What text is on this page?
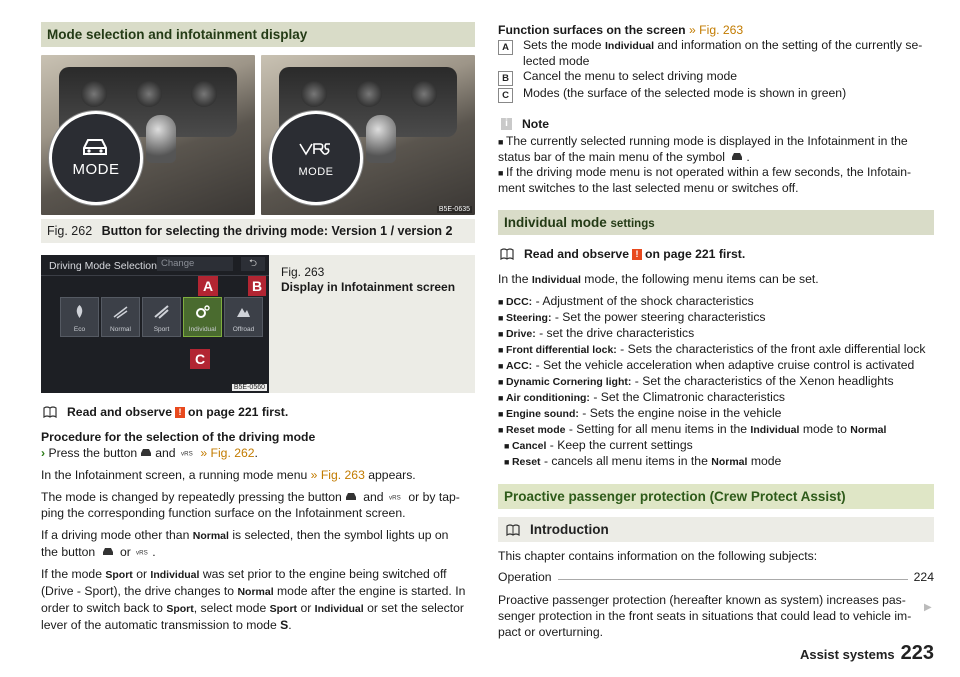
Mode selection and infotainment display
MODE	MODE
B5E-0635
Fig. 262 Button for selecting the driving mode: Version 1 / version 2
Driving Mode Selection Change	⮌
Eco	Normal	Sport	Individual	Offroad
A	B
C
B5E-0560
Fig. 263
Display in Infotainment screen
Read and observe ! on page 221 first.

Procedure for the selection of the driving mode

› Press the button and vRS » Fig. 262.

In the Infotainment screen, a running mode menu » Fig. 263 appears.

The mode is changed by repeatedly pressing the button and vRS or by tap-
ping the corresponding function surface on the Infotainment screen.

If a driving mode other than Normal is selected, then the symbol lights up on
the button or vRS .

If the mode Sport or Individual was set prior to the engine being switched off
(Drive - Sport), the drive changes to Normal mode after the engine is started. In
order to switch back to Sport, select mode Sport or Individual or set the selector
lever of the automatic transmission to mode S.

Function surfaces on the screen » Fig. 263

A	Sets the mode Individual and information on the setting of the currently se-
lected mode
B	Cancel the menu to select driving mode
C	Modes (the surface of the selected mode is shown in green)
i	Note
■ The currently selected running mode is displayed in the Infotainment in the
status bar of the main menu of the symbol .
■ If the driving mode menu is not operated within a few seconds, the Infotain-
ment switches to the last selected menu or switches off.
Individual mode settings
Read and observe ! on page 221 first.

In the Individual mode, the following menu items can be set.

■ DCC: - Adjustment of the shock characteristics
■ Steering: - Set the power steering characteristics
■ Drive: - set the drive characteristics
■ Front differential lock: - Sets the characteristics of the front axle differential lock
■ ACC: - Set the vehicle acceleration when adaptive cruise control is activated
■ Dynamic Cornering light: - Set the characteristics of the Xenon headlights
■ Air conditioning: - Set the Climatronic characteristics
■ Engine sound: - Sets the engine noise in the vehicle
■ Reset mode - Setting for all menu items in the Individual mode to Normal
■ Cancel - Keep the current settings
■ Reset - cancels all menu items in the Normal mode
Proactive passenger protection (Crew Protect Assist)
Introduction

This chapter contains information on the following subjects:

Operation	224

Proactive passenger protection (hereafter known as system) increases pas-
senger protection in the front seats in situations that could lead to vehicle im-
pact or overturning.

▶
Assist systems 223
